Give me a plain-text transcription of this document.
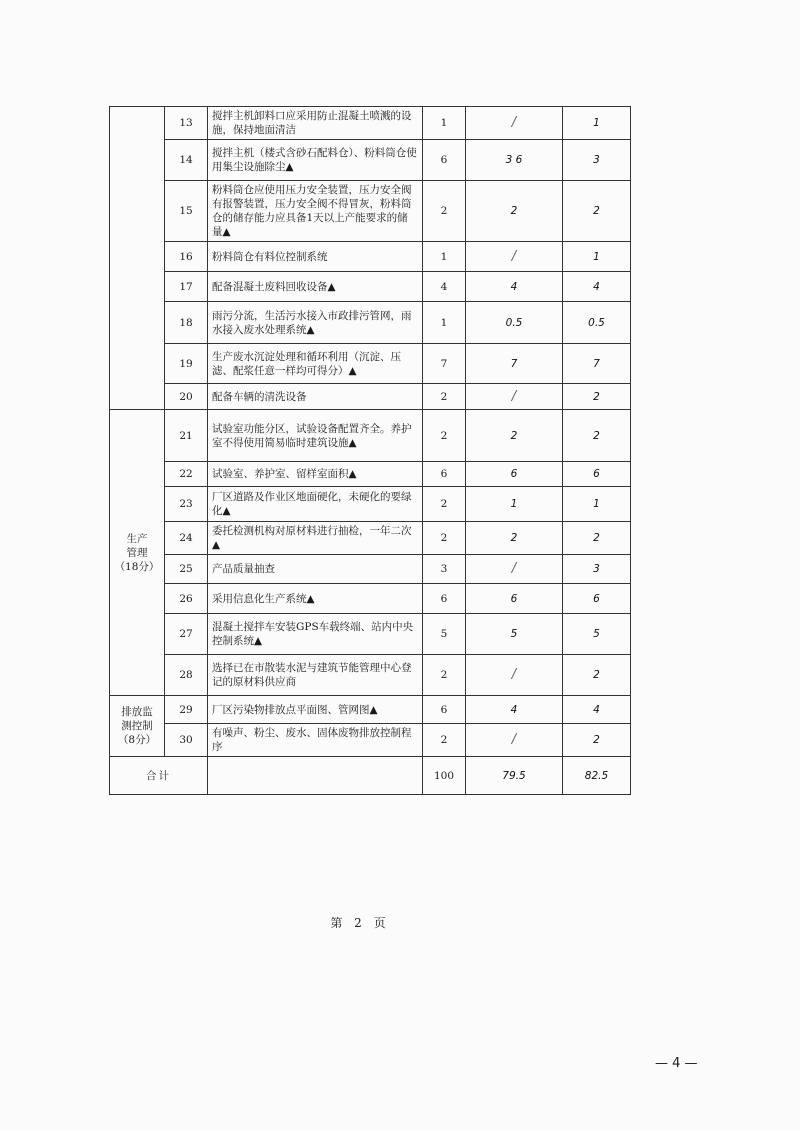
	13	搅拌主机卸料口应采用防止混凝土喷溅的设施，保持地面清洁	1	/	1
	14	搅拌主机（楼式含砂石配料仓）、粉料筒仓使用集尘设施除尘▲	6	3 6	3
	15	粉料筒仓应使用压力安全装置，压力安全阀有报警装置，压力安全阀不得冒灰，粉料筒仓的储存能力应具备1天以上产能要求的储量▲	2	2	2
	16	粉料筒仓有料位控制系统	1	/	1
	17	配备混凝土废料回收设备▲	4	4	4
	18	雨污分流，生活污水接入市政排污管网，雨水接入废水处理系统▲	1	0.5	0.5
	19	生产废水沉淀处理和循环利用（沉淀、压滤、配浆任意一样均可得分）▲	7	7	7
	20	配备车辆的清洗设备	2	/	2
生产
管理
（18分）	21	试验室功能分区，试验设备配置齐全。养护室不得使用简易临时建筑设施▲	2	2	2
	22	试验室、养护室、留样室面积▲	6	6	6
	23	厂区道路及作业区地面硬化，未硬化的要绿化▲	2	1	1
	24	委托检测机构对原材料进行抽检，一年二次▲	2	2	2
	25	产品质量抽查	3	/	3
	26	采用信息化生产系统▲	6	6	6
	27	混凝土搅拌车安装GPS车载终端、站内中央控制系统▲	5	5	5
	28	选择已在市散装水泥与建筑节能管理中心登记的原材料供应商	2	/	2
排放监
测控制
（8分）	29	厂区污染物排放点平面图、管网图▲	6	4	4
	30	有噪声、粉尘、废水、固体废物排放控制程序	2	/	2
合计			100	79.5	82.5
第 2 页
— 4 —
